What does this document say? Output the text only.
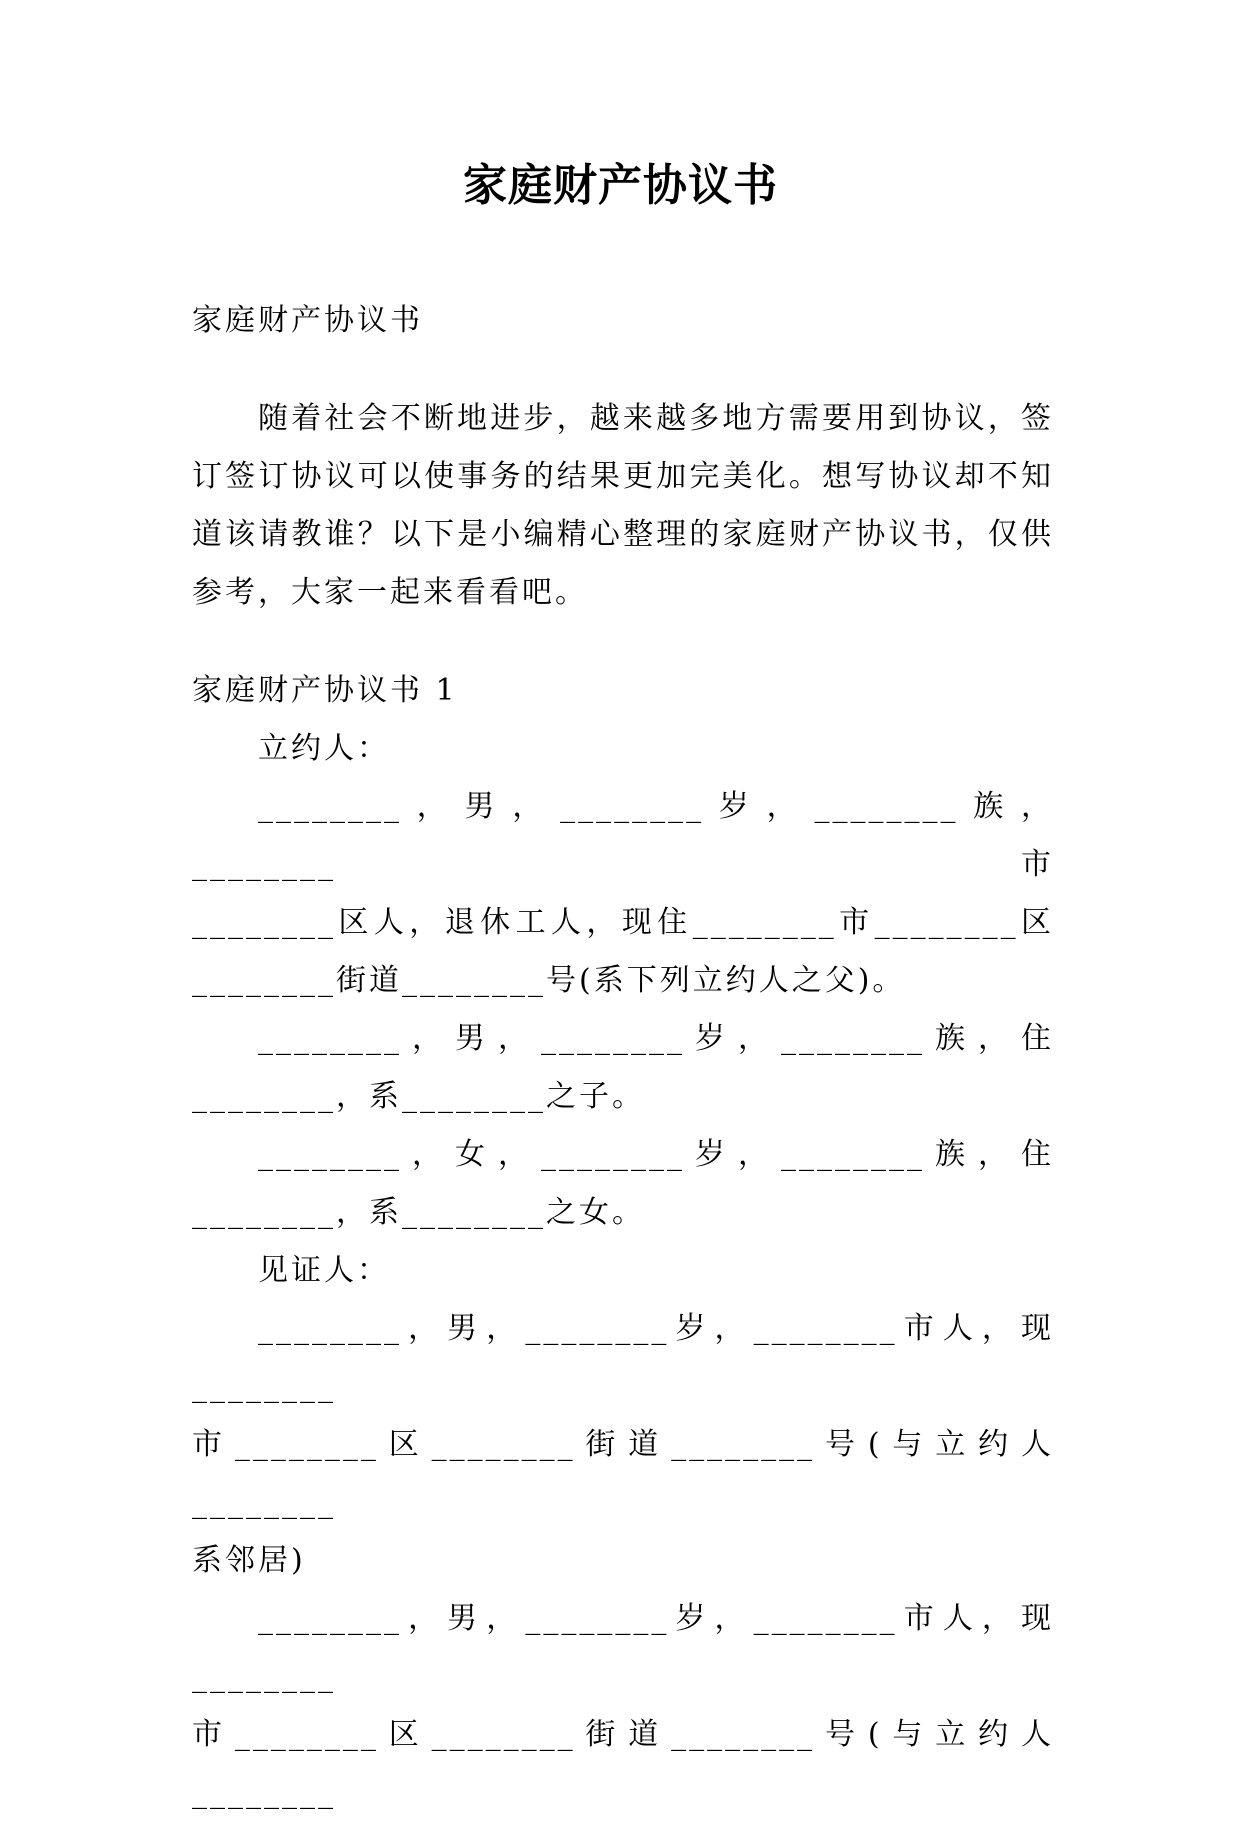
家庭财产协议书

家庭财产协议书

随着社会不断地进步，越来越多地方需要用到协议，签

订签订协议可以使事务的结果更加完美化。想写协议却不知

道该请教谁？以下是小编精心整理的家庭财产协议书，仅供

参考，大家一起来看看吧。

家庭财产协议书 1

立约人：

________，男，________岁，________族，________市

________区人，退休工人，现住________市________区

________街道________号(系下列立约人之父)。

________，男，________岁，________族，住

________，系________之子。

________，女，________岁，________族，住

________，系________之女。

见证人：

________，男，________岁，________市人，现________

市________区________街道________号(与立约人________

系邻居)

________，男，________岁，________市人，现________

市________区________街道________号(与立约人________
